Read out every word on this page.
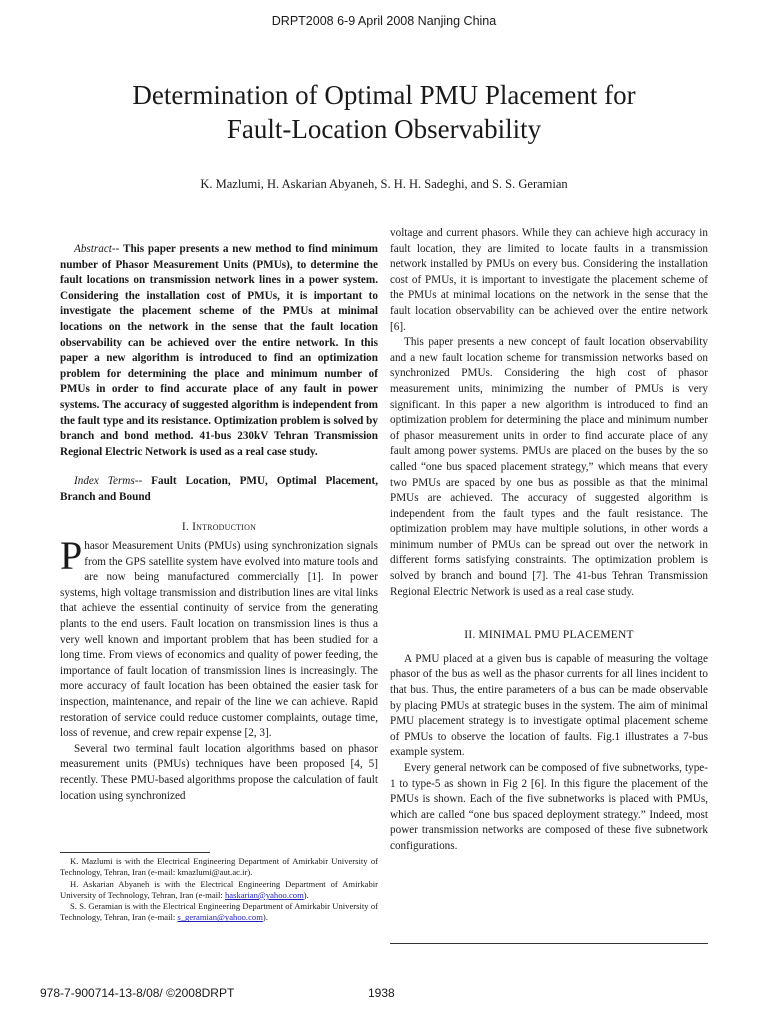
DRPT2008 6-9 April 2008 Nanjing China
Determination of Optimal PMU Placement for
Fault-Location Observability
K. Mazlumi, H. Askarian Abyaneh, S. H. H. Sadeghi, and S. S. Geramian

Abstract-- This paper presents a new method to find minimum number of Phasor Measurement Units (PMUs), to determine the fault locations on transmission network lines in a power system. Considering the installation cost of PMUs, it is important to investigate the placement scheme of the PMUs at minimal locations on the network in the sense that the fault location observability can be achieved over the entire network. In this paper a new algorithm is introduced to find an optimization problem for determining the place and minimum number of PMUs in order to find accurate place of any fault in power systems. The accuracy of suggested algorithm is independent from the fault type and its resistance. Optimization problem is solved by branch and bond method. 41-bus 230kV Tehran Transmission Regional Electric Network is used as a real case study.

Index Terms-- Fault Location, PMU, Optimal Placement, Branch and Bound

I. Introduction

Phasor Measurement Units (PMUs) using synchronization signals from the GPS satellite system have evolved into mature tools and are now being manufactured commercially [1]. In power systems, high voltage transmission and distribution lines are vital links that achieve the essential continuity of service from the generating plants to the end users. Fault location on transmission lines is thus a very well known and important problem that has been studied for a long time. From views of economics and quality of power feeding, the importance of fault location of transmission lines is increasingly. The more accuracy of fault location has been obtained the easier task for inspection, maintenance, and repair of the line we can achieve. Rapid restoration of service could reduce customer complaints, outage time, loss of revenue, and crew repair expense [2, 3].

Several two terminal fault location algorithms based on phasor measurement units (PMUs) techniques have been proposed [4, 5] recently. These PMU-based algorithms propose the calculation of fault location using synchronized

K. Mazlumi is with the Electrical Engineering Department of Amirkabir University of Technology, Tehran, Iran (e-mail: kmazlumi@aut.ac.ir).

H. Askarian Abyaneh is with the Electrical Engineering Department of Amirkabir University of Technology, Tehran, Iran (e-mail: haskarian@yahoo.com).

S. S. Geramian is with the Electrical Engineering Department of Amirkabir University of Technology, Tehran, Iran (e-mail: s_geramian@yahoo.com).

voltage and current phasors. While they can achieve high accuracy in fault location, they are limited to locate faults in a transmission network installed by PMUs on every bus. Considering the installation cost of PMUs, it is important to investigate the placement scheme of the PMUs at minimal locations on the network in the sense that the fault location observability can be achieved over the entire network [6].

This paper presents a new concept of fault location observability and a new fault location scheme for transmission networks based on synchronized PMUs. Considering the high cost of phasor measurement units, minimizing the number of PMUs is very significant. In this paper a new algorithm is introduced to find an optimization problem for determining the place and minimum number of phasor measurement units in order to find accurate place of any fault among power systems. PMUs are placed on the buses by the so called “one bus spaced placement strategy,” which means that every two PMUs are spaced by one bus as possible as that the minimal PMUs are achieved. The accuracy of suggested algorithm is independent from the fault types and the fault resistance. The optimization problem may have multiple solutions, in other words a minimum number of PMUs can be spread out over the network in different forms satisfying constraints. The optimization problem is solved by branch and bound [7]. The 41-bus Tehran Transmission Regional Electric Network is used as a real case study.

II. MINIMAL PMU PLACEMENT

A PMU placed at a given bus is capable of measuring the voltage phasor of the bus as well as the phasor currents for all lines incident to that bus. Thus, the entire parameters of a bus can be made observable by placing PMUs at strategic buses in the system. The aim of minimal PMU placement strategy is to investigate optimal placement scheme of PMUs to observe the location of faults. Fig.1 illustrates a 7-bus example system.

Every general network can be composed of five subnetworks, type-1 to type-5 as shown in Fig 2 [6]. In this figure the placement of the PMUs is shown. Each of the five subnetworks is placed with PMUs, which are called “one bus spaced deployment strategy.” Indeed, most power transmission networks are composed of these five subnetwork configurations.

978-7-900714-13-8/08/ ©2008DRPT	1938
